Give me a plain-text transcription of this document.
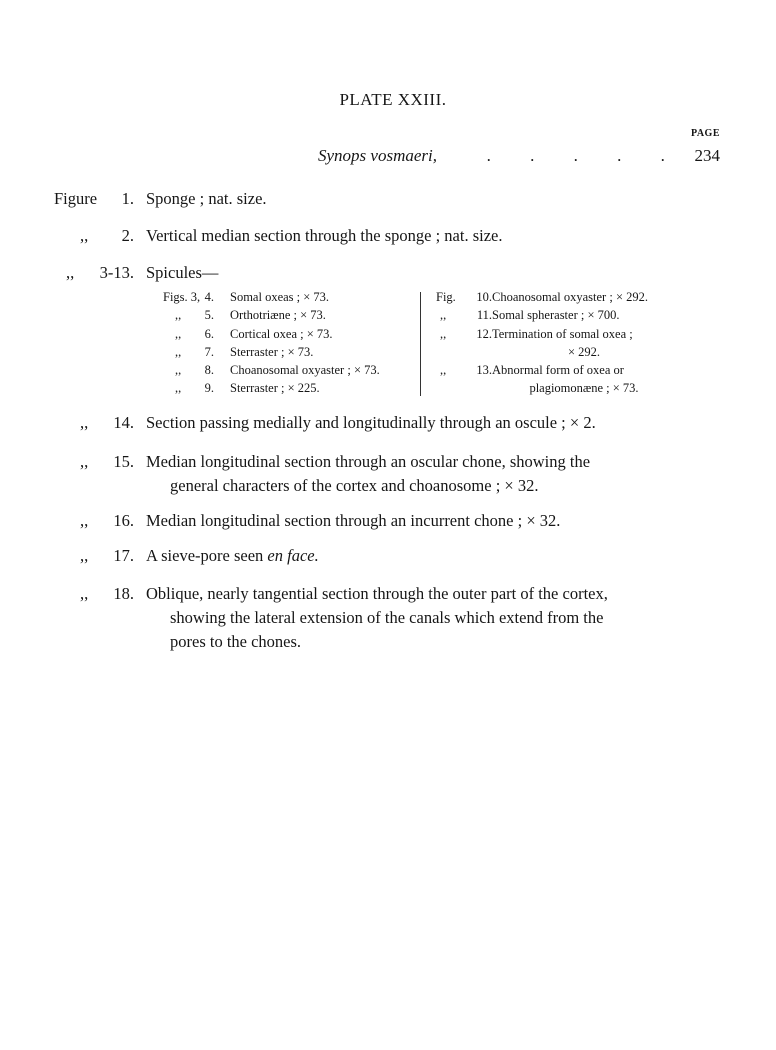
PLATE XXIII.
PAGE
Synops vosmaeri,	. . . . . 234
Figure 1. Sponge ; nat. size.
,, 2. Vertical median section through the sponge ; nat. size.
,, 3-13. Spicules—
Figs. 3, 4. Somal oxeas ; × 73.
,, 5. Orthotriæne ; × 73.
,, 6. Cortical oxea ; × 73.
,, 7. Sterraster ; × 73.
,, 8. Choanosomal oxyaster ; × 73.
,, 9. Sterraster ; × 225.
Fig. 10. Choanosomal oxyaster ; × 292.
,, 11. Somal spheraster ; × 700.
,, 12. Termination of somal oxea ;
× 292.
,, 13. Abnormal form of oxea or
plagiomonæne ; × 73.
,, 14. Section passing medially and longitudinally through an oscule ; × 2.
,, 15. Median longitudinal section through an oscular chone, showing the
general characters of the cortex and choanosome ; × 32.
,, 16. Median longitudinal section through an incurrent chone ; × 32.
,, 17. A sieve-pore seen en face.
,, 18. Oblique, nearly tangential section through the outer part of the cortex,
showing the lateral extension of the canals which extend from the
pores to the chones.
